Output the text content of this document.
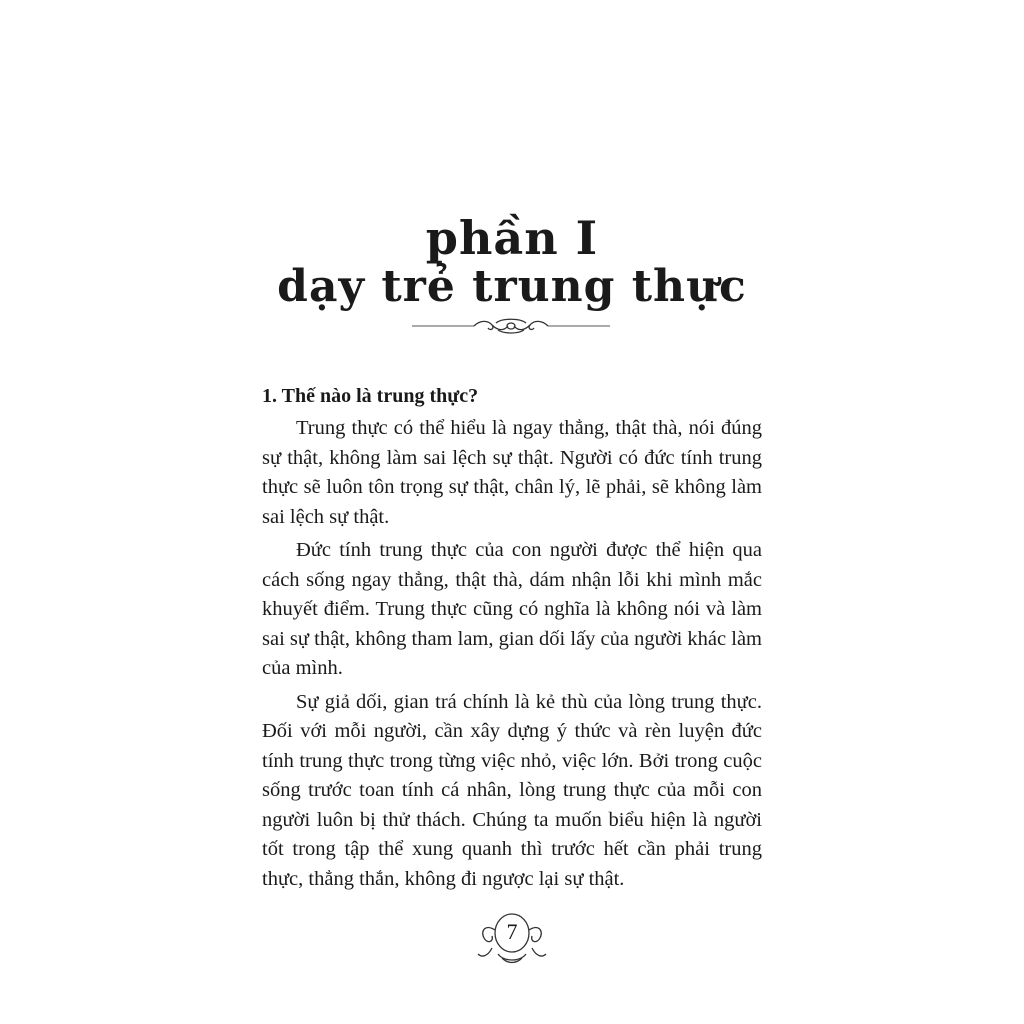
phần I
dạy trẻ trung thực
1. Thế nào là trung thực?

Trung thực có thể hiểu là ngay thẳng, thật thà, nói đúng sự thật, không làm sai lệch sự thật. Người có đức tính trung thực sẽ luôn tôn trọng sự thật, chân lý, lẽ phải, sẽ không làm sai lệch sự thật.

Đức tính trung thực của con người được thể hiện qua cách sống ngay thẳng, thật thà, dám nhận lỗi khi mình mắc khuyết điểm. Trung thực cũng có nghĩa là không nói và làm sai sự thật, không tham lam, gian dối lấy của người khác làm của mình.

Sự giả dối, gian trá chính là kẻ thù của lòng trung thực. Đối với mỗi người, cần xây dựng ý thức và rèn luyện đức tính trung thực trong từng việc nhỏ, việc lớn. Bởi trong cuộc sống trước toan tính cá nhân, lòng trung thực của mỗi con người luôn bị thử thách. Chúng ta muốn biểu hiện là người tốt trong tập thể xung quanh thì trước hết cần phải trung thực, thẳng thắn, không đi ngược lại sự thật.

7
